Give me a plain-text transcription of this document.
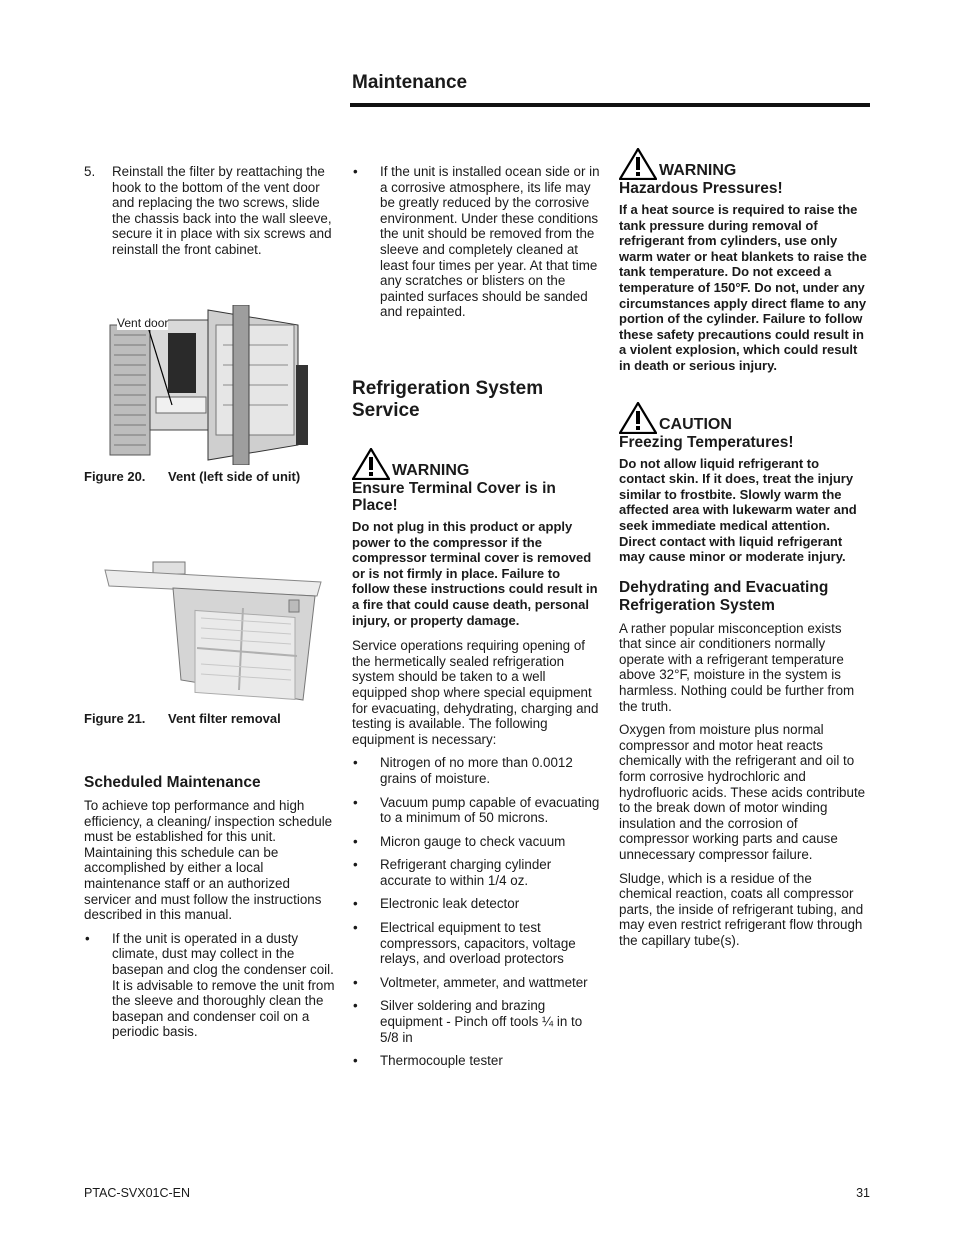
Maintenance
5. Reinstall the filter by reattaching the hook to the bottom of the vent door and replacing the two screws, slide the chassis back into the wall sleeve, secure it in place with six screws and reinstall the front cabinet.
Vent door
Figure 20. Vent (left side of unit)
Figure 21. Vent filter removal
Scheduled Maintenance

To achieve top performance and high efficiency, a cleaning/ inspection schedule must be established for this unit. Maintaining this schedule can be accomplished by either a local maintenance staff or an authorized servicer and must follow the instructions described in this manual.

• If the unit is operated in a dusty climate, dust may collect in the basepan and clog the condenser coil. It is advisable to remove the unit from the sleeve and thoroughly clean the basepan and condenser coil on a periodic basis.
• If the unit is installed ocean side or in a corrosive atmosphere, its life may be greatly reduced by the corrosive environment. Under these conditions the unit should be removed from the sleeve and completely cleaned at least four times per year. At that time any scratches or blisters on the painted surfaces should be sanded and repainted.
Refrigeration System Service
WARNING
Ensure Terminal Cover is in Place!
Do not plug in this product or apply power to the compressor if the compressor terminal cover is removed or is not firmly in place. Failure to follow these instructions could result in a fire that could cause death, personal injury, or property damage.

Service operations requiring opening of the hermetically sealed refrigeration system should be taken to a well equipped shop where special equipment for evacuating, dehydrating, charging and testing is available. The following equipment is necessary:

• Nitrogen of no more than 0.0012 grains of moisture.
• Vacuum pump capable of evacuating to a minimum of 50 microns.
• Micron gauge to check vacuum
• Refrigerant charging cylinder accurate to within 1/4 oz.
• Electronic leak detector
• Electrical equipment to test compressors, capacitors, voltage relays, and overload protectors
• Voltmeter, ammeter, and wattmeter
• Silver soldering and brazing equipment - Pinch off tools ¼ in to 5/8 in
• Thermocouple tester
WARNING
Hazardous Pressures!
If a heat source is required to raise the tank pressure during removal of refrigerant from cylinders, use only warm water or heat blankets to raise the tank temperature. Do not exceed a temperature of 150°F. Do not, under any circumstances apply direct flame to any portion of the cylinder. Failure to follow these safety precautions could result in a violent explosion, which could result in death or serious injury.
CAUTION
Freezing Temperatures!
Do not allow liquid refrigerant to contact skin. If it does, treat the injury similar to frostbite. Slowly warm the affected area with lukewarm water and seek immediate medical attention. Direct contact with liquid refrigerant may cause minor or moderate injury.
Dehydrating and Evacuating Refrigeration System

A rather popular misconception exists that since air conditioners normally operate with a refrigerant temperature above 32°F, moisture in the system is harmless. Nothing could be further from the truth.

Oxygen from moisture plus normal compressor and motor heat reacts chemically with the refrigerant and oil to form corrosive hydrochloric and hydrofluoric acids. These acids contribute to the break down of motor winding insulation and the corrosion of compressor working parts and cause unnecessary compressor failure.

Sludge, which is a residue of the chemical reaction, coats all compressor parts, the inside of refrigerant tubing, and may even restrict refrigerant flow through the capillary tube(s).

PTAC-SVX01C-EN	31
